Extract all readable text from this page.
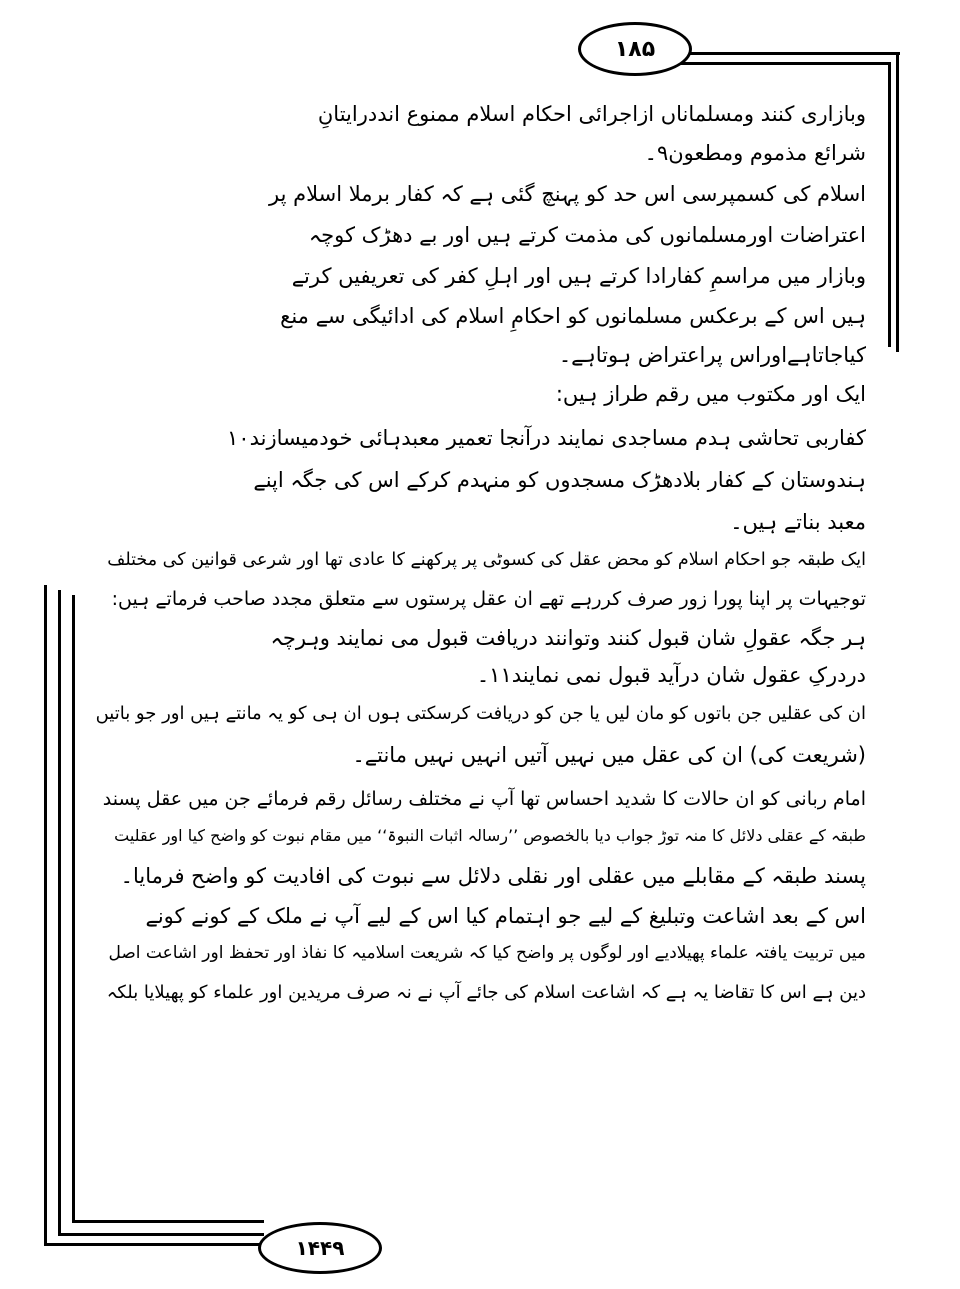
۱۸۵
۱۴۴۹
وبازاری کنند ومسلماناں ازاجرائی احکام اسلام ممنوع انددرایتانِ
شرائع مذموم ومطعون۹۔
اسلام کی کسمپرسی اس حد کو پہنچ گئی ہے کہ کفار برملا اسلام پر
اعتراضات اورمسلمانوں کی مذمت کرتے ہیں اور بے دھڑک کوچہ
وبازار میں مراسمِ کفارادا کرتے ہیں اور اہلِ کفر کی تعریفیں کرتے
ہیں اس کے برعکس مسلمانوں کو احکامِ اسلام کی ادائیگی سے منع
کیاجاتاہےاوراس پراعتراض ہوتاہے۔
ایک اور مکتوب میں رقم طراز ہیں:
کفاربی تحاشی ہدم مساجدی نمایند درآنجا تعمیر معبدہائی خودمیسازند۱۰
ہندوستان کے کفار بلادھڑک مسجدوں کو منہدم کرکے اس کی جگہ اپنے
معبد بناتے ہیں۔
ایک طبقہ جو احکام اسلام کو محض عقل کی کسوٹی پر پرکھنے کا عادی تھا اور شرعی قوانین کی مختلف
توجیہات پر اپنا پورا زور صرف کررہے تھے ان عقل پرستوں سے متعلق مجدد صاحب فرماتے ہیں:
ہر جگہ عقولِ شان قبول کنند وتوانند دریافت قبول می نمایند وہرچہ
دردرکِ عقول شان درآید قبول نمی نمایند۱۱۔
ان کی عقلیں جن باتوں کو مان لیں یا جن کو دریافت کرسکتی ہوں ان ہی کو یہ مانتے ہیں اور جو باتیں
(شریعت کی) ان کی عقل میں نہیں آتیں انہیں نہیں مانتے۔
امام ربانی کو ان حالات کا شدید احساس تھا آپ نے مختلف رسائل رقم فرمائے جن میں عقل پسند
طبقہ کے عقلی دلائل کا منہ توڑ جواب دیا بالخصوص ’’رسالہ اثبات النبوۃ‘‘ میں مقام نبوت کو واضح کیا اور عقلیت
پسند طبقہ کے مقابلے میں عقلی اور نقلی دلائل سے نبوت کی افادیت کو واضح فرمایا۔
اس کے بعد اشاعت وتبلیغ کے لیے جو اہتمام کیا اس کے لیے آپ نے ملک کے کونے کونے
میں تربیت یافتہ علماء پھیلادیے اور لوگوں پر واضح کیا کہ شریعت اسلامیہ کا نفاذ اور تحفظ اور اشاعت اصل
دین ہے اس کا تقاضا یہ ہے کہ اشاعت اسلام کی جائے آپ نے نہ صرف مریدین اور علماء کو پھیلایا بلکہ
